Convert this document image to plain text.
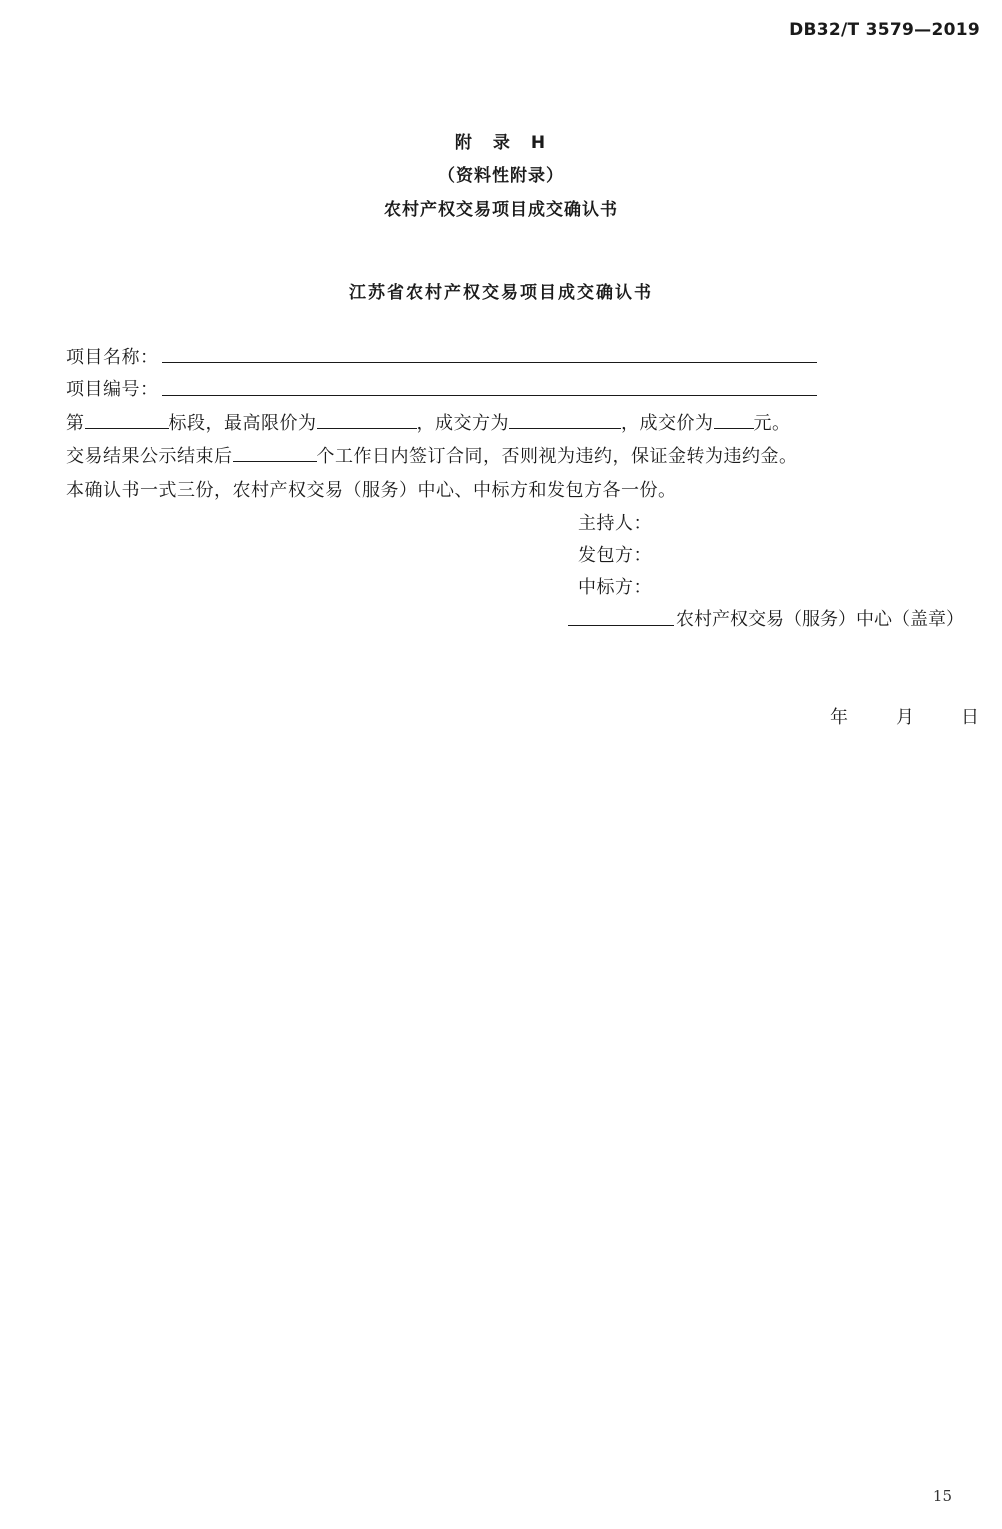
DB32/T 3579—2019
附　录　H
（资料性附录）
农村产权交易项目成交确认书
江苏省农村产权交易项目成交确认书
项目名称：
项目编号：
第	标段，最高限价为	，成交方为	，成交价为 元。
交易结果公示结束后	个工作日内签订合同，否则视为违约，保证金转为违约金。
本确认书一式三份，农村产权交易（服务）中心、中标方和发包方各一份。
主持人：
发包方：
中标方：
农村产权交易（服务）中心（盖章）
年	月	日
15
